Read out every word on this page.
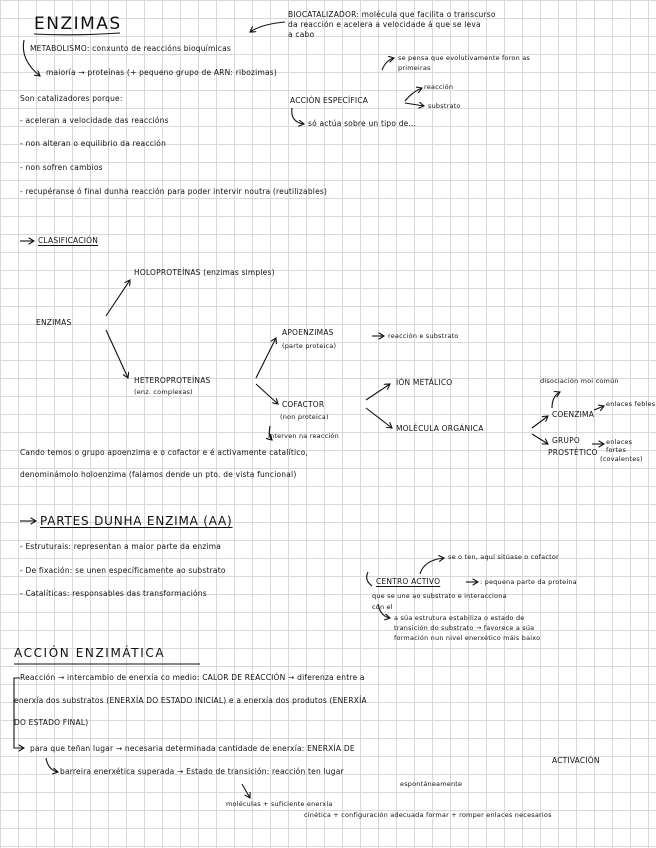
ENZIMAS	BIOCATALIZADOR: molécula que facilita o transcurso
da reacción e acelera a velocidade á que se leva
a cabo
METABOLISMO: conxunto de reaccións bioquímicas
maioría → proteínas (+ pequeno grupo de ARN: ribozimas)
se pensa que evolutivamente foron as
primeiras
Son catalizadores porque:
- aceleran a velocidade das reaccións
- non alteran o equilibrio da reacción
- non sofren cambios
- recupéranse ó final dunha reacción para poder intervir noutra (reutilizables)
ACCIÓN ESPECÍFICA
reacción
substrato
só actúa sobre un tipo de...
CLASIFICACIÓN
ENZIMAS
HOLOPROTEÍNAS (enzimas simples)
HETEROPROTEÍNAS
(enz. complexas)
APOENZIMAS
(parte proteica)
reacción e substrato
COFACTOR
(non proteica)
interven na reacción
IÓN METÁLICO
MOLÉCULA ORGÁNICA
disociación moi común
COENZIMA
enlaces febles
GRUPO
PROSTÉTICO
enlaces
fortes
(covalentes)
Cando temos o grupo apoenzima e o cofactor e é activamente catalítico,
denominámolo holoenzima (falamos dende un pto. de vista funcional)
PARTES DUNHA ENZIMA (AA)
- Estruturais: representan a maior parte da enzima
- De fixación: se unen específicamente ao substrato
- Catalíticas: responsables das transformacións
se o ten, aquí sitúase o cofactor
CENTRO ACTIVO	: pequena parte da proteína
que se une ao substrato e interacciona
con el
a súa estrutura estabiliza o estado de
transición do substrato → favorece a súa
formación nun nivel enerxético máis baixo
ACCIÓN ENZIMÁTICA
Reacción → intercambio de enerxía co medio: CALOR DE REACCIÓN → diferenza entre a
enerxía dos substratos (ENERXÍA DO ESTADO INICIAL) e a enerxía dos produtos (ENERXÍA
DO ESTADO FINAL)
para que teñan lugar → necesaria determinada cantidade de enerxía: ENERXÍA DE
ACTIVACIÓN
barreira enerxética superada → Estado de transición: reacción ten lugar
espontáneamente
moléculas + suficiente enerxía
cinética + configuración adecuada formar + romper enlaces necesarios
